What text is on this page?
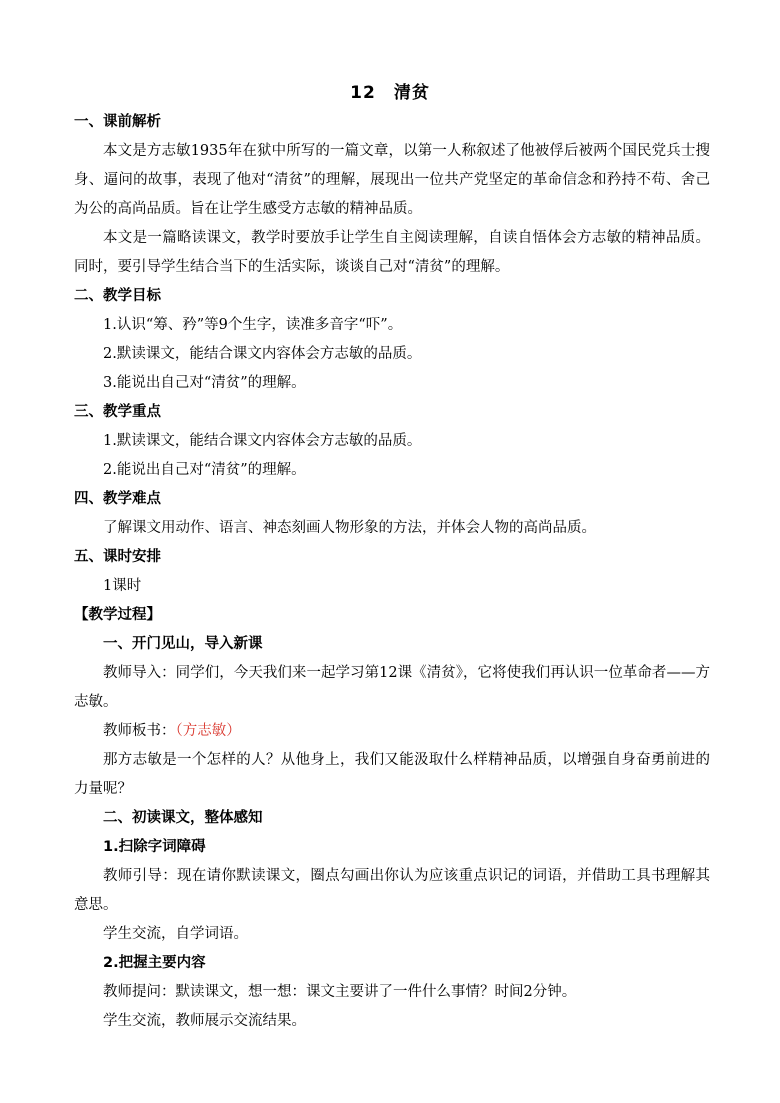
12　清贫
一、课前解析
本文是方志敏1935年在狱中所写的一篇文章，以第一人称叙述了他被俘后被两个国民党兵士搜身、逼问的故事，表现了他对“清贫”的理解，展现出一位共产党坚定的革命信念和矜持不苟、舍己为公的高尚品质。旨在让学生感受方志敏的精神品质。
本文是一篇略读课文，教学时要放手让学生自主阅读理解，自读自悟体会方志敏的精神品质。同时，要引导学生结合当下的生活实际，谈谈自己对“清贫”的理解。
二、教学目标
1.认识“筹、矜”等9个生字，读准多音字“吓”。
2.默读课文，能结合课文内容体会方志敏的品质。
3.能说出自己对“清贫”的理解。
三、教学重点
1.默读课文，能结合课文内容体会方志敏的品质。
2.能说出自己对“清贫”的理解。
四、教学难点
了解课文用动作、语言、神态刻画人物形象的方法，并体会人物的高尚品质。
五、课时安排
1课时
【教学过程】
一、开门见山，导入新课
教师导入：同学们，今天我们来一起学习第12课《清贫》，它将使我们再认识一位革命者——方志敏。
教师板书：（方志敏）
那方志敏是一个怎样的人？从他身上，我们又能汲取什么样精神品质，以增强自身奋勇前进的力量呢？
二、初读课文，整体感知
1.扫除字词障碍
教师引导：现在请你默读课文，圈点勾画出你认为应该重点识记的词语，并借助工具书理解其意思。
学生交流，自学词语。
2.把握主要内容
教师提问：默读课文，想一想：课文主要讲了一件什么事情？时间2分钟。
学生交流，教师展示交流结果。
